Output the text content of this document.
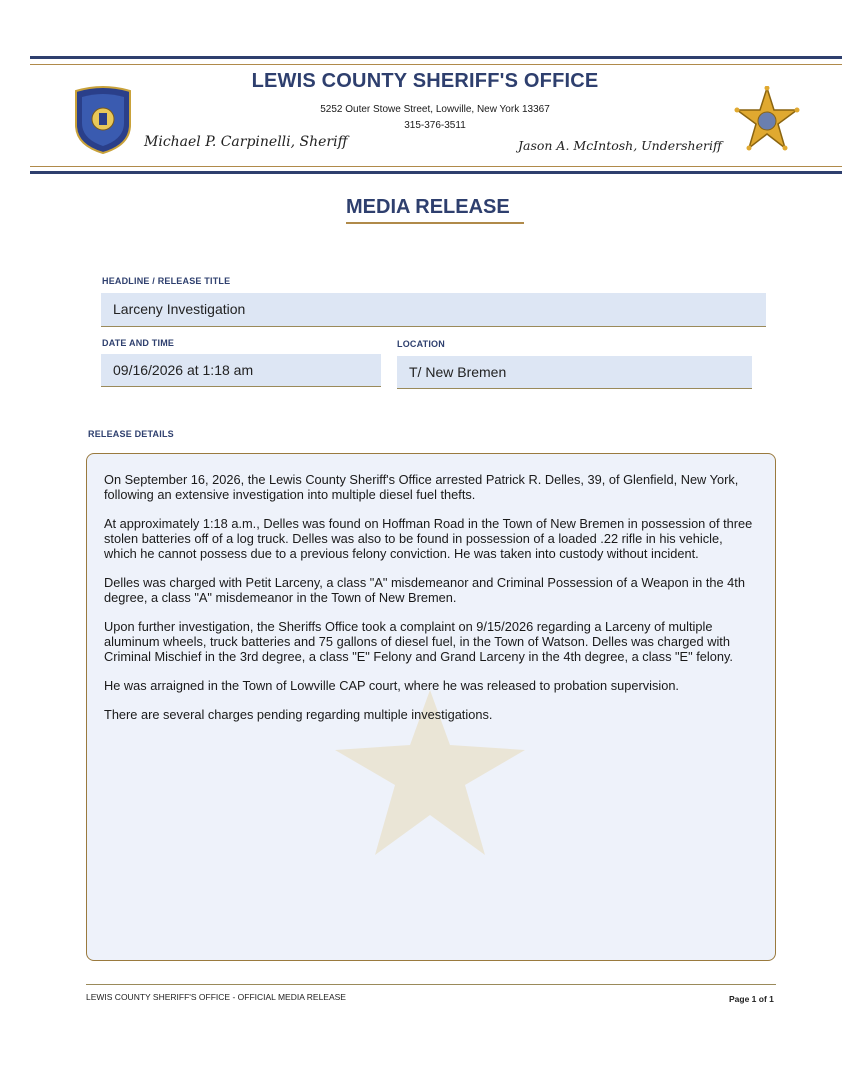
LEWIS COUNTY SHERIFF'S OFFICE
5252 Outer Stowe Street, Lowville, New York 13367
315-376-3511
Michael P. Carpinelli, Sheriff	Jason A. McIntosh, Undersheriff
MEDIA RELEASE
HEADLINE / RELEASE TITLE
Larceny Investigation
DATE AND TIME
09/16/2026 at 1:18 am
LOCATION
T/ New Bremen
RELEASE DETAILS

On September 16, 2026, the Lewis County Sheriff's Office arrested Patrick R. Delles, 39, of Glenfield, New York, following an extensive investigation into multiple diesel fuel thefts.

At approximately 1:18 a.m., Delles was found on Hoffman Road in the Town of New Bremen in possession of three stolen batteries off of a log truck. Delles was also to be found in possession of a loaded .22 rifle in his vehicle, which he cannot possess due to a previous felony conviction. He was taken into custody without incident.

Delles was charged with Petit Larceny, a class "A" misdemeanor and Criminal Possession of a Weapon in the 4th degree, a class "A" misdemeanor in the Town of New Bremen.

Upon further investigation, the Sheriffs Office took a complaint on 9/15/2026 regarding a Larceny of multiple aluminum wheels, truck batteries and 75 gallons of diesel fuel, in the Town of Watson. Delles was charged with Criminal Mischief in the 3rd degree, a class "E" Felony and Grand Larceny in the 4th degree, a class "E" felony.

He was arraigned in the Town of Lowville CAP court, where he was released to probation supervision.

There are several charges pending regarding multiple investigations.

LEWIS COUNTY SHERIFF'S OFFICE - OFFICIAL MEDIA RELEASE	Page 1 of 1
